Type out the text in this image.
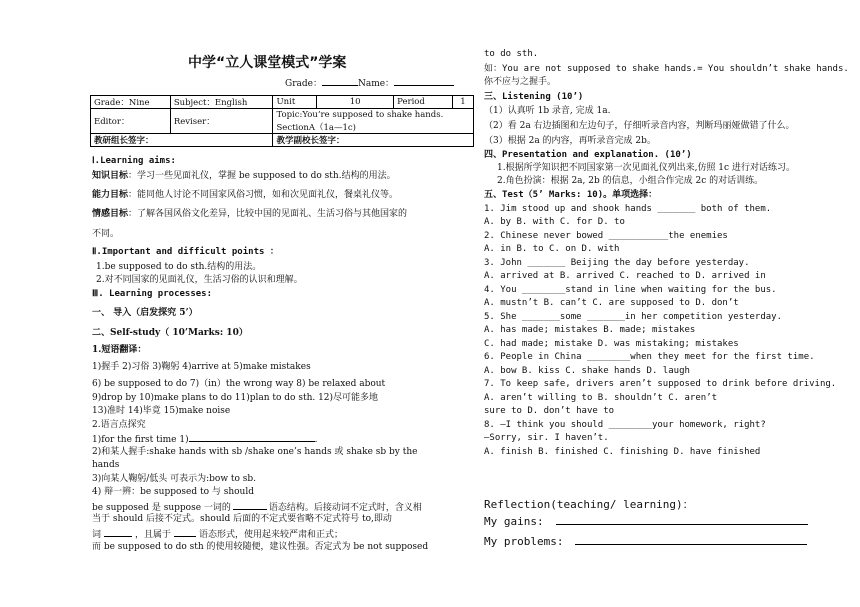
中学“立人课堂模式”学案
Grade：	Name：
Grade：Nine	Subject：English	Unit	10	Period	1
Editor：	Reviser：	Topic:You’re supposed to shake hands.			
		SectionA（1a—1c)			
教研组长签字：		教学副校长签字：			
Ⅰ.Learning aims:
知识目标：学习一些见面礼仪，掌握 be supposed to do sth.结构的用法。
能力目标：能同他人讨论不同国家风俗习惯，如和次见面礼仪，餐桌礼仪等。
情感目标：了解各国风俗文化差异，比较中国的见面礼、生活习俗与其他国家的
不同。
Ⅱ.Important and difficult points ：
1.be supposed to do sth.结构的用法。
2.对不同国家的见面礼仪，生活习俗的认识和理解。
Ⅲ. Learning processes:
一、 导入（启发探究 5’）
二、Self-study（ 10’Marks: 10）
1.短语翻译：
1)握手 2)习俗 3)鞠躬 4)arrive at 5)make mistakes
6) be supposed to do 7)（in）the wrong way 8) be relaxed about
9)drop by 10)make plans to do 11)plan to do sth. 12)尽可能多地
13)准时 14)毕竟 15)make noise
2.语言点探究
1)for the first time 1)	.
2)和某人握手:shake hands with sb /shake one’s hands 或 shake sb by the
hands
3)向某人鞠躬/低头 可表示为:bow to sb.
4) 辩一辨：be supposed to 与 should
be supposed 是 suppose 一词的	语态结构。后接动词不定式时，含义相
当于 should 后接不定式。should 后面的不定式要省略不定式符号 to,即动
词	，且属于	语态形式，使用起来较严肃和正式；
而 be supposed to do sth 的使用较随便，建议性强。否定式为 be not supposed
to do sth.
如：You are not supposed to shake hands.= You shouldn’t shake hands.
你不应与之握手。
三、Listening (10’)
（1）认真听 1b 录音, 完成 1a.
（2）看 2a 右边插图和左边句子，仔细听录音内容，判断玛丽娅做错了什么。
（3）根据 2a 的内容，再听录音完成 2b。
四、Presentation and explanation. (10’)
1.根据所学知识把不同国家第一次见面礼仪列出来,仿照 1c 进行对话练习。
2.角色扮演：根据 2a, 2b 的信息，小组合作完成 2c 的对话训练。
五、Test（5’ Marks: 10)。单项选择：
1. Jim stood up and shook hands _______ both of them.
A. by B. with C. for D. to
2. Chinese never bowed ___________the enemies
A. in B. to C. on D. with
3. John _______ Beijing the day before yesterday.
A. arrived at B. arrived C. reached to D. arrived in
4. You ________stand in line when waiting for the bus.
A. mustn’t B. can’t C. are supposed to D. don’t
5. She _______some _______in her competition yesterday.
A. has made; mistakes B. made; mistakes
C. had made; mistake D. was mistaking; mistakes
6. People in China ________when they meet for the first time.
A. bow B. kiss C. shake hands D. laugh
7. To keep safe, drivers aren’t supposed to drink before driving.
A. aren’t willing to B. shouldn’t C. aren’t
sure to D. don’t have to
8. —I think you should ________your homework, right?
—Sorry, sir. I haven’t.
A. finish B. finished C. finishing D. have finished
Reflection(teaching/ learning)：
My gains:
My problems:
